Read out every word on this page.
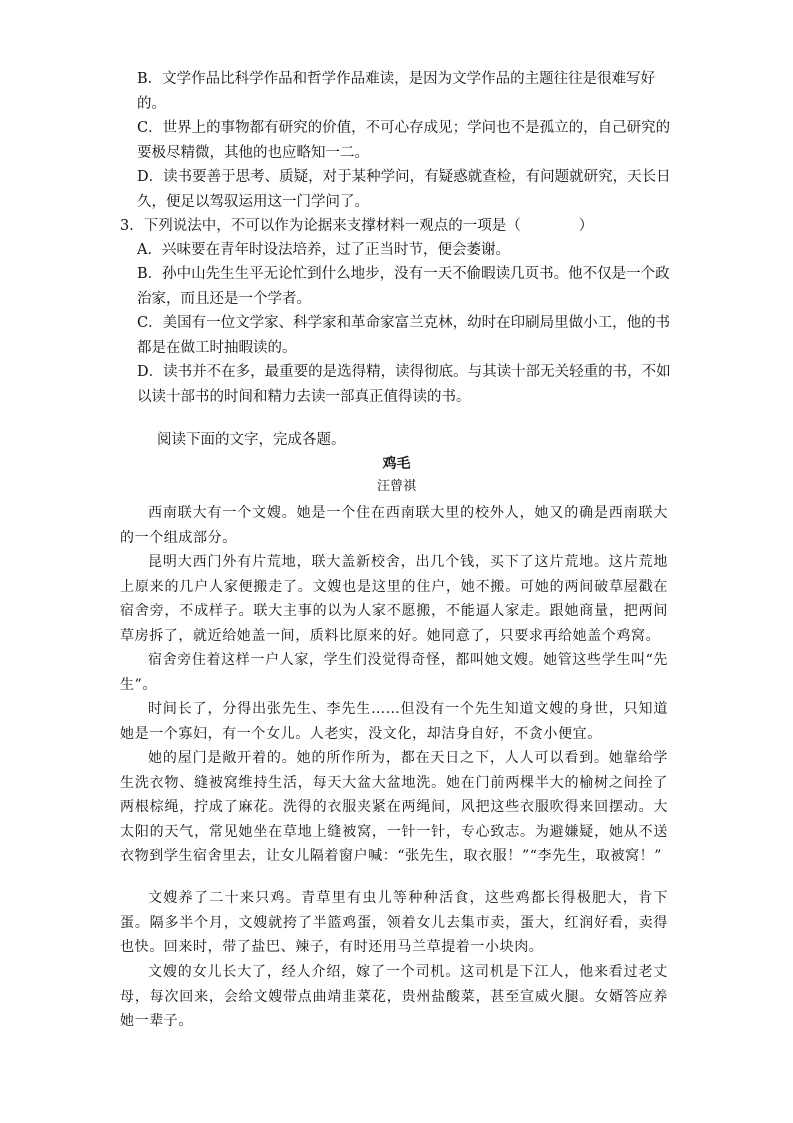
B．文学作品比科学作品和哲学作品难读，是因为文学作品的主题往往是很难写好的。
C．世界上的事物都有研究的价值，不可心存成见；学问也不是孤立的，自己研究的要极尽精微，其他的也应略知一二。
D．读书要善于思考、质疑，对于某种学问，有疑惑就查检，有问题就研究，天长日久，便足以驾驭运用这一门学问了。
3．下列说法中，不可以作为论据来支撑材料一观点的一项是（　　　　）
A．兴味要在青年时设法培养，过了正当时节，便会萎谢。
B．孙中山先生生平无论忙到什么地步，没有一天不偷暇读几页书。他不仅是一个政治家，而且还是一个学者。
C．美国有一位文学家、科学家和革命家富兰克林，幼时在印刷局里做小工，他的书都是在做工时抽暇读的。
D．读书并不在多，最重要的是选得精，读得彻底。与其读十部无关轻重的书，不如以读十部书的时间和精力去读一部真正值得读的书。
阅读下面的文字，完成各题。
鸡毛
汪曾祺
西南联大有一个文嫂。她是一个住在西南联大里的校外人，她又的确是西南联大的一个组成部分。
昆明大西门外有片荒地，联大盖新校舍，出几个钱，买下了这片荒地。这片荒地上原来的几户人家便搬走了。文嫂也是这里的住户，她不搬。可她的两间破草屋戳在宿舍旁，不成样子。联大主事的以为人家不愿搬，不能逼人家走。跟她商量，把两间草房拆了，就近给她盖一间，质料比原来的好。她同意了，只要求再给她盖个鸡窝。
宿舍旁住着这样一户人家，学生们没觉得奇怪，都叫她文嫂。她管这些学生叫“先生”。
时间长了，分得出张先生、李先生……但没有一个先生知道文嫂的身世，只知道她是一个寡妇，有一个女儿。人老实，没文化，却洁身自好，不贪小便宜。
她的屋门是敞开着的。她的所作所为，都在天日之下，人人可以看到。她靠给学生洗衣物、缝被窝维持生活，每天大盆大盆地洗。她在门前两棵半大的榆树之间拴了两根棕绳，拧成了麻花。洗得的衣服夹紧在两绳间，风把这些衣服吹得来回摆动。大太阳的天气，常见她坐在草地上缝被窝，一针一针，专心致志。为避嫌疑，她从不送衣物到学生宿舍里去，让女儿隔着窗户喊：“张先生，取衣服！”“李先生，取被窝！”
文嫂养了二十来只鸡。青草里有虫儿等种种活食，这些鸡都长得极肥大，肯下蛋。隔多半个月，文嫂就挎了半篮鸡蛋，领着女儿去集市卖，蛋大，红润好看，卖得也快。回来时，带了盐巴、辣子，有时还用马兰草提着一小块肉。
文嫂的女儿长大了，经人介绍，嫁了一个司机。这司机是下江人，他来看过老丈母，每次回来，会给文嫂带点曲靖韭菜花，贵州盐酸菜，甚至宣威火腿。女婿答应养她一辈子。
